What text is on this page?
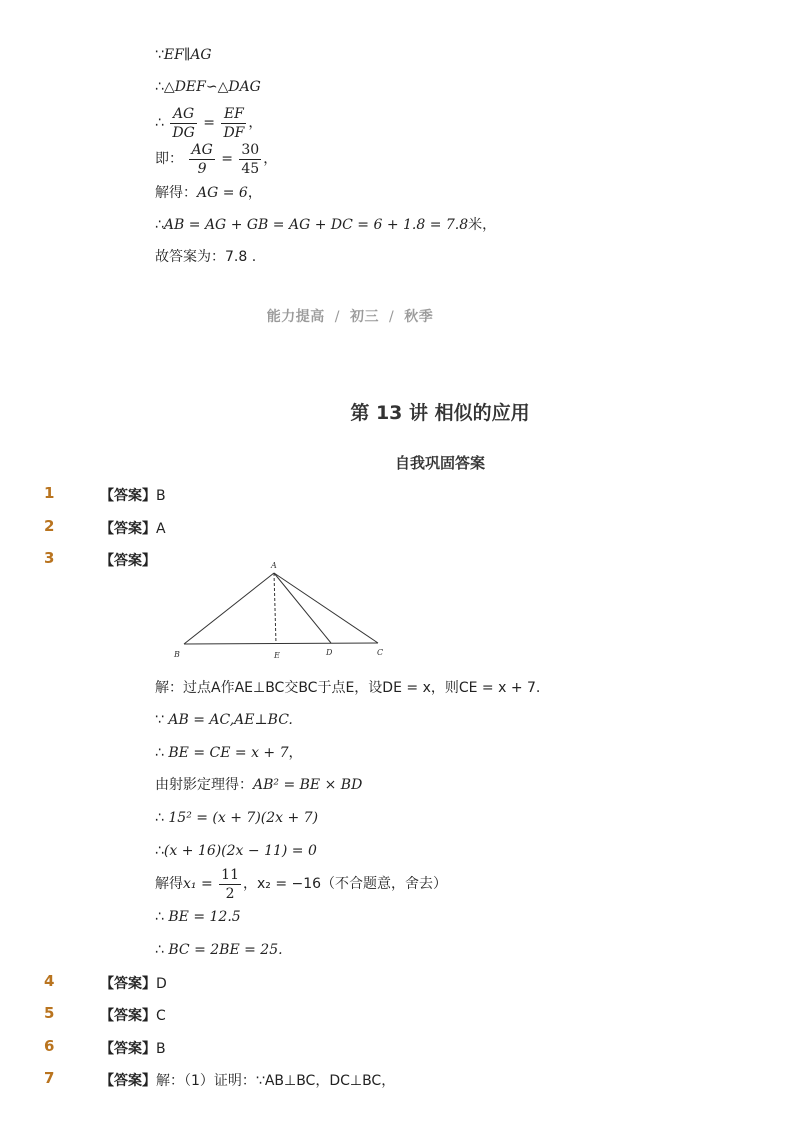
∵EF∥AG
∴△DEF∽△DAG
∴ $\frac{AG}{DG} = \frac{EF}{DF}$ ，
即： $\frac{AG}{9} = \frac{30}{45}$ ，
解得：AG = 6，
∴AB = AG + GB = AG + DC = 6 + 1.8 = 7.8米，
故答案为：7.8 .
能力提高 / 初三 / 秋季
第 13 讲 相似的应用
自我巩固答案
1	【答案】B
2	【答案】A
3	【答案】	A
B	E	D	C
解：过点A作AE⊥BC交BC于点E，设DE = x，则CE = x + 7.
∵ AB = AC,AE⊥BC.
∴ BE = CE = x + 7，
由射影定理得：AB² = BE × BD
∴ 15² = (x + 7)(2x + 7)
∴(x + 16)(2x − 11) = 0
解得$x_1 = \frac{11}{2}$ ，x₂ = −16（不合题意，舍去）
∴ BE = 12.5
∴ BC = 2BE = 25.
4	【答案】D
5	【答案】C
6	【答案】B
7	【答案】解：（1）证明：∵AB⊥BC，DC⊥BC，
